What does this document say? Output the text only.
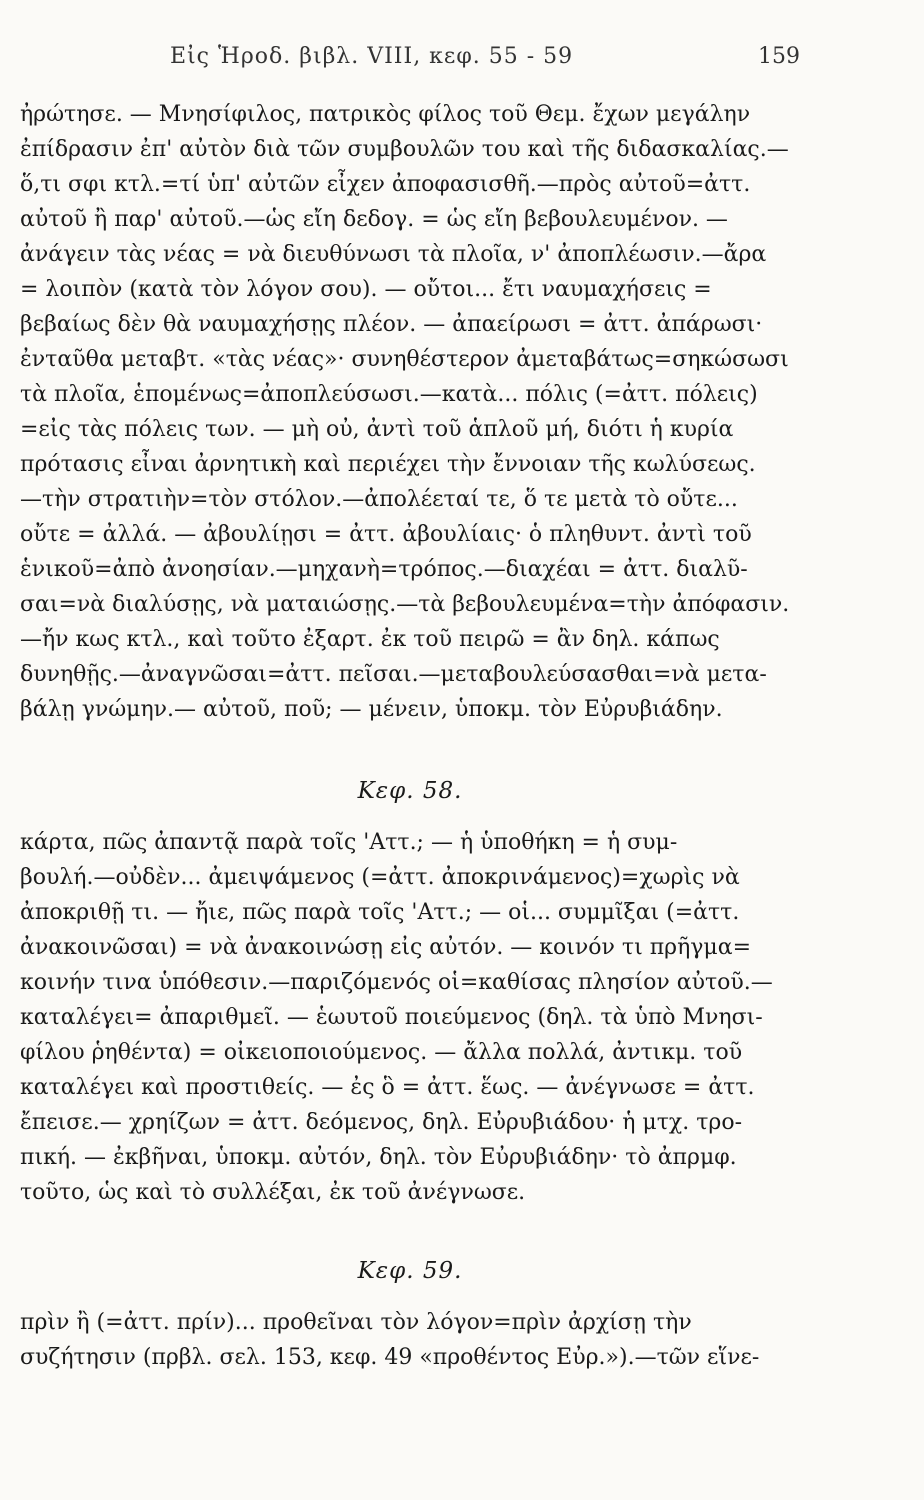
Εἰς Ἡροδ. βιβλ. VIII, κεφ. 55 - 59	159
ἠρώτησε. — Μνησίφιλος, πατρικὸς φίλος τοῦ Θεμ. ἔχων μεγάλην
ἐπίδρασιν ἐπ' αὐτὸν διὰ τῶν συμβουλῶν του καὶ τῆς διδασκαλίας.—
ὅ,τι σφι κτλ.=τί ὑπ' αὐτῶν εἶχεν ἀποφασισθῆ.—πρὸς αὐτοῦ=ἀττ.
αὐτοῦ ἢ παρ' αὐτοῦ.—ὡς εἴη δεδογ. = ὡς εἴη βεβουλευμένον. —
ἀνάγειν τὰς νέας = νὰ διευθύνωσι τὰ πλοῖα, ν' ἀποπλέωσιν.—ἄρα
= λοιπὸν (κατὰ τὸν λόγον σου). — οὔτοι... ἔτι ναυμαχήσεις =
βεβαίως δὲν θὰ ναυμαχήσῃς πλέον. — ἀπαείρωσι = ἀττ. ἀπάρωσι·
ἐνταῦθα μεταβτ. «τὰς νέας»· συνηθέστερον ἀμεταβάτως=σηκώσωσι
τὰ πλοῖα, ἑπομένως=ἀποπλεύσωσι.—κατὰ... πόλις (=ἀττ. πόλεις)
=εἰς τὰς πόλεις των. — μὴ οὐ, ἀντὶ τοῦ ἁπλοῦ μή, διότι ἡ κυρία
πρότασις εἶναι ἀρνητικὴ καὶ περιέχει τὴν ἔννοιαν τῆς κωλύσεως.
—τὴν στρατιὴν=τὸν στόλον.—ἀπολέεταί τε, ὅ τε μετὰ τὸ οὔτε...
οὔτε = ἀλλά. — ἀβουλίῃσι = ἀττ. ἀβουλίαις· ὁ πληθυντ. ἀντὶ τοῦ
ἑνικοῦ=ἀπὸ ἀνοησίαν.—μηχανὴ=τρόπος.—διαχέαι = ἀττ. διαλῦ-
σαι=νὰ διαλύσῃς, νὰ ματαιώσῃς.—τὰ βεβουλευμένα=τὴν ἀπόφασιν.
—ἤν κως κτλ., καὶ τοῦτο ἐξαρτ. ἐκ τοῦ πειρῶ = ἂν δηλ. κάπως
δυνηθῇς.—ἀναγνῶσαι=ἀττ. πεῖσαι.—μεταβουλεύσασθαι=νὰ μετα-
βάλῃ γνώμην.— αὐτοῦ, ποῦ; — μένειν, ὑποκμ. τὸν Εὐρυβιάδην.
Κεφ. 58.
κάρτα, πῶς ἀπαντᾷ παρὰ τοῖς 'Αττ.; — ἡ ὑποθήκη = ἡ συμ-
βουλή.—οὐδὲν... ἀμειψάμενος (=ἀττ. ἀποκρινάμενος)=χωρὶς νὰ
ἀποκριθῇ τι. — ἤιε, πῶς παρὰ τοῖς 'Αττ.; — οἱ... συμμῖξαι (=ἀττ.
ἀνακοινῶσαι) = νὰ ἀνακοινώσῃ εἰς αὐτόν. — κοινόν τι πρῆγμα=
κοινήν τινα ὑπόθεσιν.—παριζόμενός οἱ=καθίσας πλησίον αὐτοῦ.—
καταλέγει= ἀπαριθμεῖ. — ἑωυτοῦ ποιεύμενος (δηλ. τὰ ὑπὸ Μνησι-
φίλου ῥηθέντα) = οἰκειοποιούμενος. — ἄλλα πολλά, ἀντικμ. τοῦ
καταλέγει καὶ προστιθείς. — ἐς ὃ = ἀττ. ἕως. — ἀνέγνωσε = ἀττ.
ἔπεισε.— χρηίζων = ἀττ. δεόμενος, δηλ. Εὐρυβιάδου· ἡ μτχ. τρο-
πική. — ἐκβῆναι, ὑποκμ. αὐτόν, δηλ. τὸν Εὐρυβιάδην· τὸ ἀπρμφ.
τοῦτο, ὡς καὶ τὸ συλλέξαι, ἐκ τοῦ ἀνέγνωσε.
Κεφ. 59.
πρὶν ἢ (=ἀττ. πρίν)... προθεῖναι τὸν λόγον=πρὶν ἀρχίσῃ τὴν
συζήτησιν (πρβλ. σελ. 153, κεφ. 49 «προθέντος Εὐρ.»).—τῶν εἵνε-
